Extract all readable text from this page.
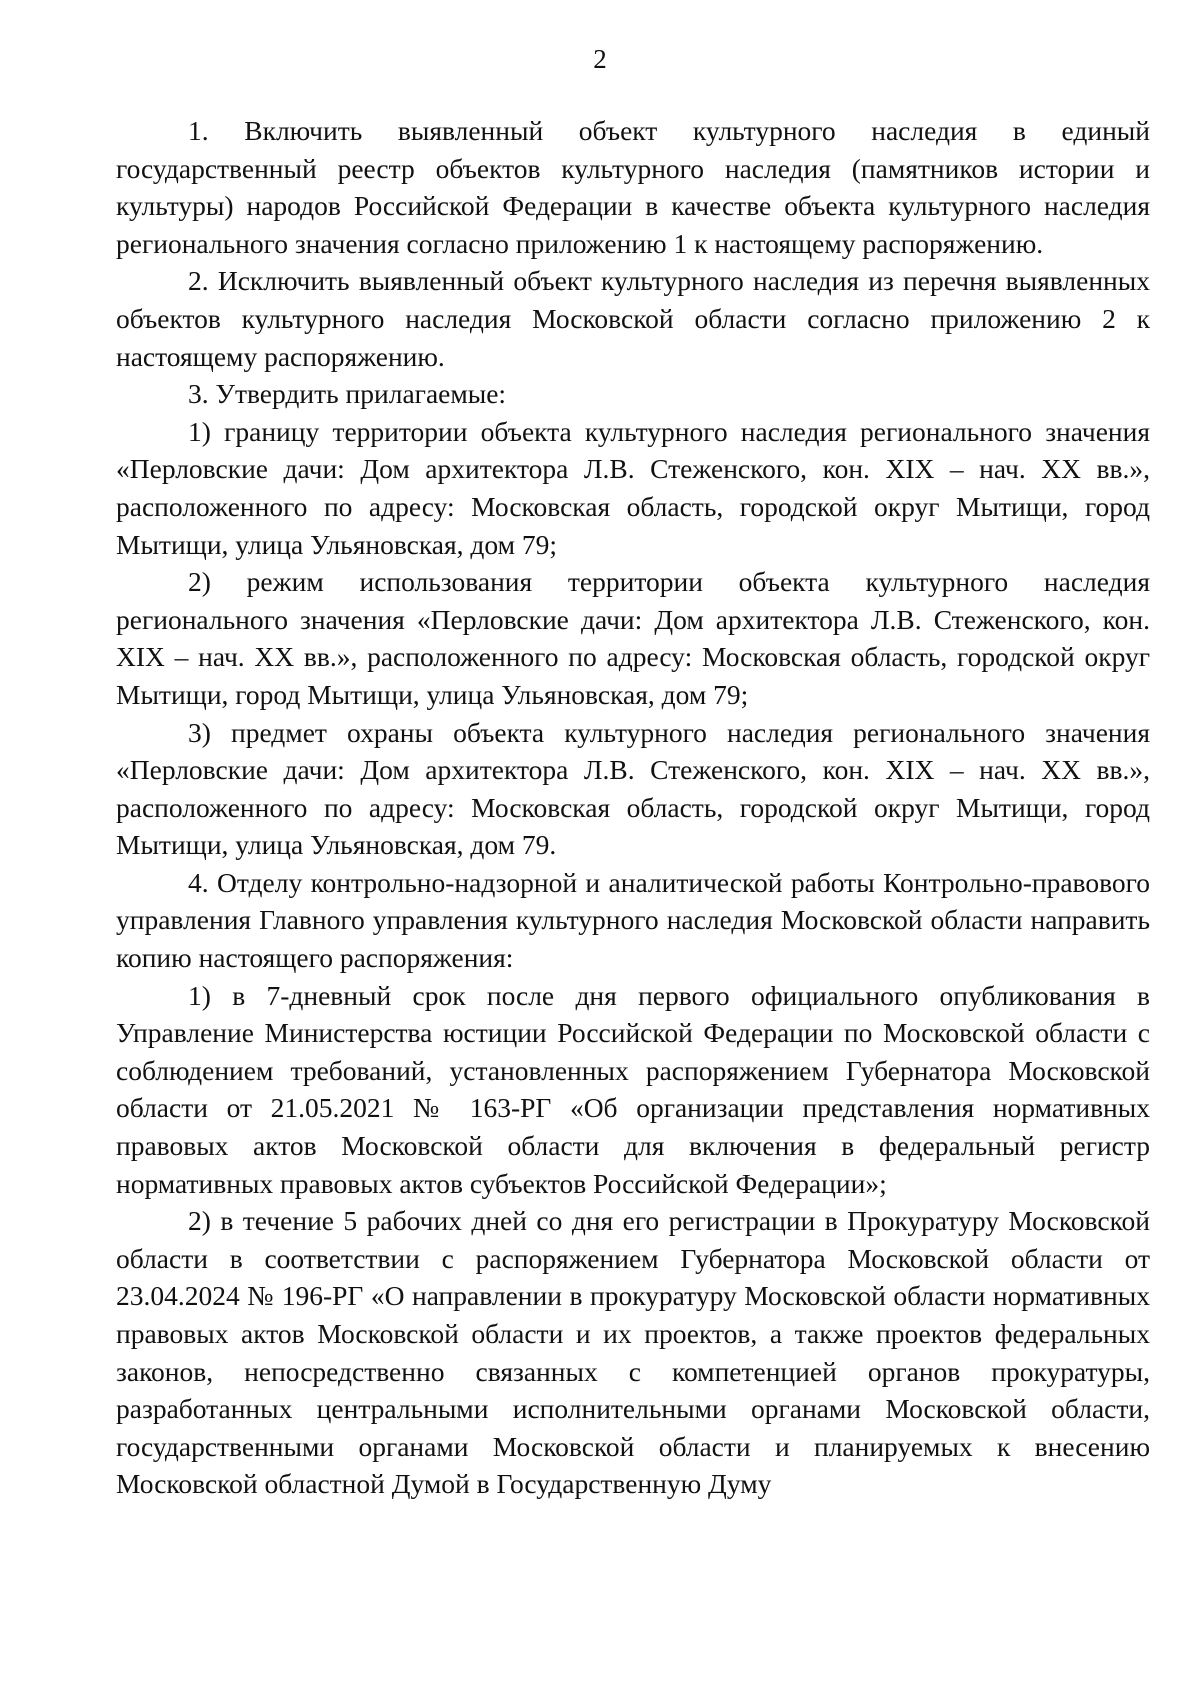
2

1. Включить выявленный объект культурного наследия в единый государственный реестр объектов культурного наследия (памятников истории и культуры) народов Российской Федерации в качестве объекта культурного наследия регионального значения согласно приложению 1 к настоящему распоряжению.

2. Исключить выявленный объект культурного наследия из перечня выявленных объектов культурного наследия Московской области согласно приложению 2 к настоящему распоряжению.

3. Утвердить прилагаемые:

1) границу территории объекта культурного наследия регионального значения «Перловские дачи: Дом архитектора Л.В. Стеженского, кон. XIX – нач. XX вв.», расположенного по адресу: Московская область, городской округ Мытищи, город Мытищи, улица Ульяновская, дом 79;

2) режим использования территории объекта культурного наследия регионального значения «Перловские дачи: Дом архитектора Л.В. Стеженского, кон. XIX – нач. XX вв.», расположенного по адресу: Московская область, городской округ Мытищи, город Мытищи, улица Ульяновская, дом 79;

3) предмет охраны объекта культурного наследия регионального значения «Перловские дачи: Дом архитектора Л.В. Стеженского, кон. XIX – нач. XX вв.», расположенного по адресу: Московская область, городской округ Мытищи, город Мытищи, улица Ульяновская, дом 79.

4. Отделу контрольно-надзорной и аналитической работы Контрольно-правового управления Главного управления культурного наследия Московской области направить копию настоящего распоряжения:

1) в 7-дневный срок после дня первого официального опубликования в Управление Министерства юстиции Российской Федерации по Московской области с соблюдением требований, установленных распоряжением Губернатора Московской области от 21.05.2021 № 163-РГ «Об организации представления нормативных правовых актов Московской области для включения в федеральный регистр нормативных правовых актов субъектов Российской Федерации»;

2) в течение 5 рабочих дней со дня его регистрации в Прокуратуру Московской области в соответствии с распоряжением Губернатора Московской области от 23.04.2024 № 196-РГ «О направлении в прокуратуру Московской области нормативных правовых актов Московской области и их проектов, а также проектов федеральных законов, непосредственно связанных с компетенцией органов прокуратуры, разработанных центральными исполнительными органами Московской области, государственными органами Московской области и планируемых к внесению Московской областной Думой в Государственную Думу
